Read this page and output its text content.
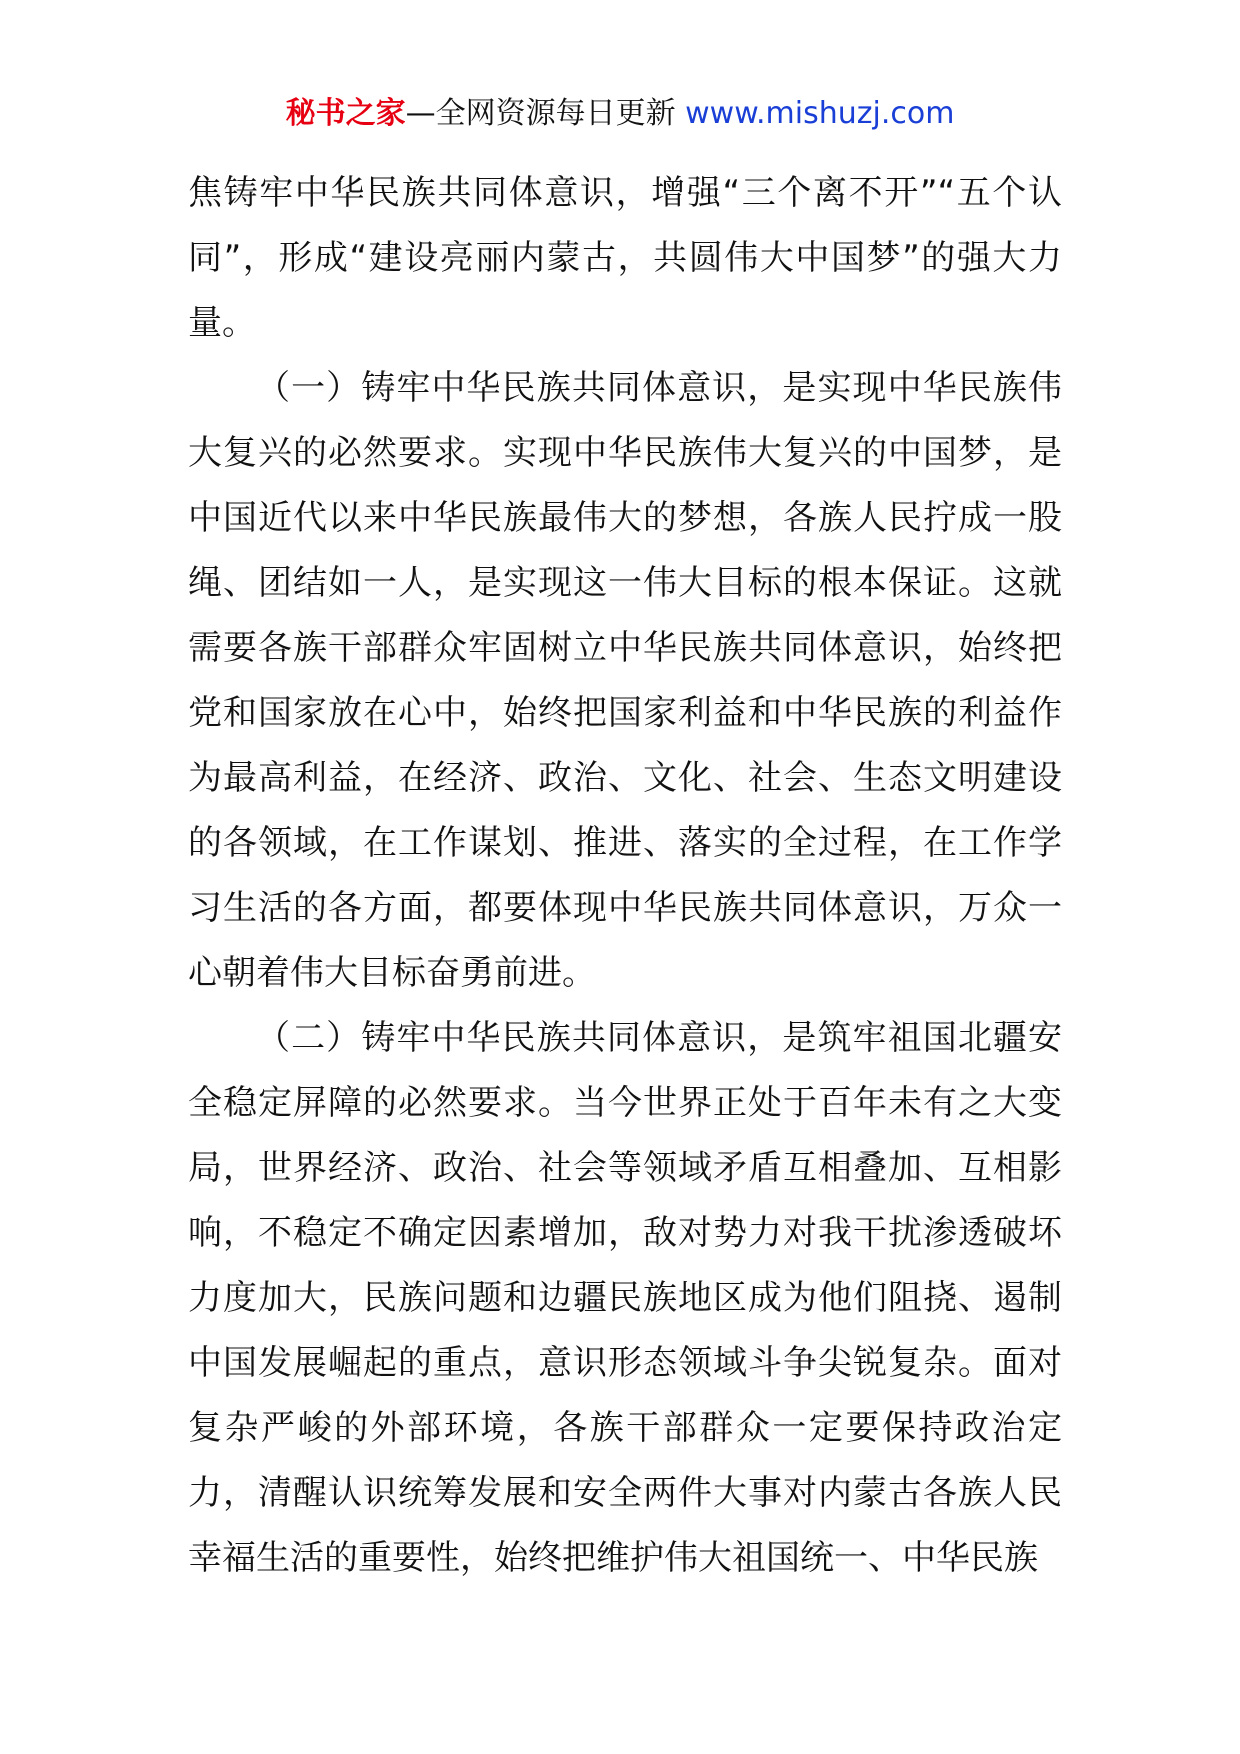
秘书之家—全网资源每日更新 www.mishuzj.com

焦铸牢中华民族共同体意识，增强“三个离不开”“五个认同”，形成“建设亮丽内蒙古，共圆伟大中国梦”的强大力量。

（一）铸牢中华民族共同体意识，是实现中华民族伟大复兴的必然要求。实现中华民族伟大复兴的中国梦，是中国近代以来中华民族最伟大的梦想，各族人民拧成一股绳、团结如一人，是实现这一伟大目标的根本保证。这就需要各族干部群众牢固树立中华民族共同体意识，始终把党和国家放在心中，始终把国家利益和中华民族的利益作为最高利益，在经济、政治、文化、社会、生态文明建设的各领域，在工作谋划、推进、落实的全过程，在工作学习生活的各方面，都要体现中华民族共同体意识，万众一心朝着伟大目标奋勇前进。

（二）铸牢中华民族共同体意识，是筑牢祖国北疆安全稳定屏障的必然要求。当今世界正处于百年未有之大变局，世界经济、政治、社会等领域矛盾互相叠加、互相影响，不稳定不确定因素增加，敌对势力对我干扰渗透破坏力度加大，民族问题和边疆民族地区成为他们阻挠、遏制中国发展崛起的重点，意识形态领域斗争尖锐复杂。面对复杂严峻的外部环境，各族干部群众一定要保持政治定力，清醒认识统筹发展和安全两件大事对内蒙古各族人民幸福生活的重要性，始终把维护伟大祖国统一、中华民族
